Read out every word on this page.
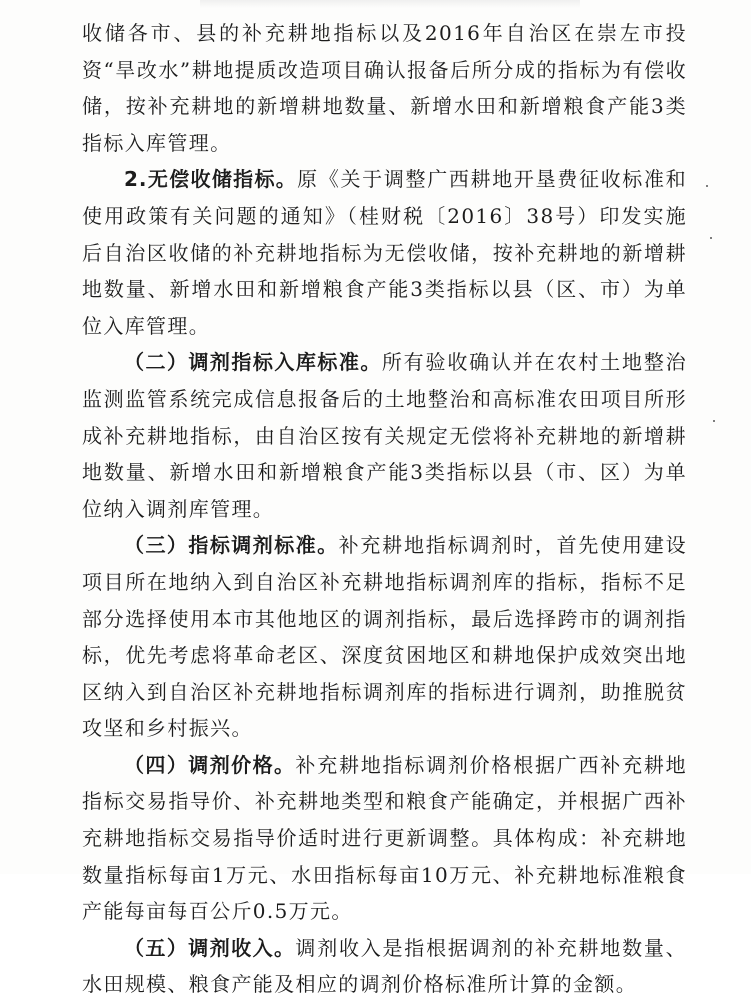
收储各市、县的补充耕地指标以及2016年自治区在崇左市投资“旱改水”耕地提质改造项目确认报备后所分成的指标为有偿收储，按补充耕地的新增耕地数量、新增水田和新增粮食产能3类指标入库管理。

2.无偿收储指标。原《关于调整广西耕地开垦费征收标准和使用政策有关问题的通知》（桂财税〔2016〕38号）印发实施后自治区收储的补充耕地指标为无偿收储，按补充耕地的新增耕地数量、新增水田和新增粮食产能3类指标以县（区、市）为单位入库管理。

（二）调剂指标入库标准。所有验收确认并在农村土地整治监测监管系统完成信息报备后的土地整治和高标准农田项目所形成补充耕地指标，由自治区按有关规定无偿将补充耕地的新增耕地数量、新增水田和新增粮食产能3类指标以县（市、区）为单位纳入调剂库管理。

（三）指标调剂标准。补充耕地指标调剂时，首先使用建设项目所在地纳入到自治区补充耕地指标调剂库的指标，指标不足部分选择使用本市其他地区的调剂指标，最后选择跨市的调剂指标，优先考虑将革命老区、深度贫困地区和耕地保护成效突出地区纳入到自治区补充耕地指标调剂库的指标进行调剂，助推脱贫攻坚和乡村振兴。

（四）调剂价格。补充耕地指标调剂价格根据广西补充耕地指标交易指导价、补充耕地类型和粮食产能确定，并根据广西补充耕地指标交易指导价适时进行更新调整。具体构成：补充耕地数量指标每亩1万元、水田指标每亩10万元、补充耕地标准粮食产能每亩每百公斤0.5万元。

（五）调剂收入。调剂收入是指根据调剂的补充耕地数量、水田规模、粮食产能及相应的调剂价格标准所计算的金额。
